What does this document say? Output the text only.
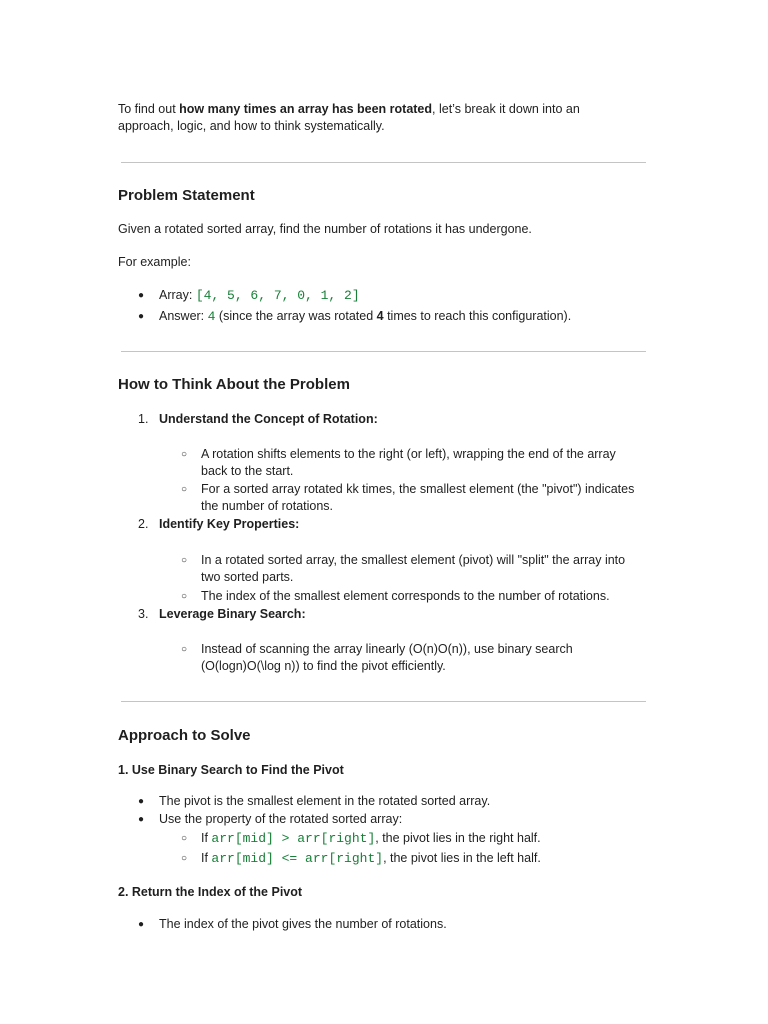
To find out how many times an array has been rotated, let’s break it down into an approach, logic, and how to think systematically.
Problem Statement

Given a rotated sorted array, find the number of rotations it has undergone.

For example:

● Array: [4, 5, 6, 7, 0, 1, 2]
● Answer: 4 (since the array was rotated 4 times to reach this configuration).
How to Think About the Problem
1. Understand the Concept of Rotation:
○ A rotation shifts elements to the right (or left), wrapping the end of the array back to the start.
○ For a sorted array rotated kk times, the smallest element (the "pivot") indicates the number of rotations.
2. Identify Key Properties:
○ In a rotated sorted array, the smallest element (pivot) will "split" the array into two sorted parts.
○ The index of the smallest element corresponds to the number of rotations.
3. Leverage Binary Search:
○ Instead of scanning the array linearly (O(n)O(n)), use binary search (O(logn)O(\log n)) to find the pivot efficiently.
Approach to Solve

1. Use Binary Search to Find the Pivot

● The pivot is the smallest element in the rotated sorted array.
● Use the property of the rotated sorted array:
○ If arr[mid] > arr[right], the pivot lies in the right half.
○ If arr[mid] <= arr[right], the pivot lies in the left half.

2. Return the Index of the Pivot

● The index of the pivot gives the number of rotations.
